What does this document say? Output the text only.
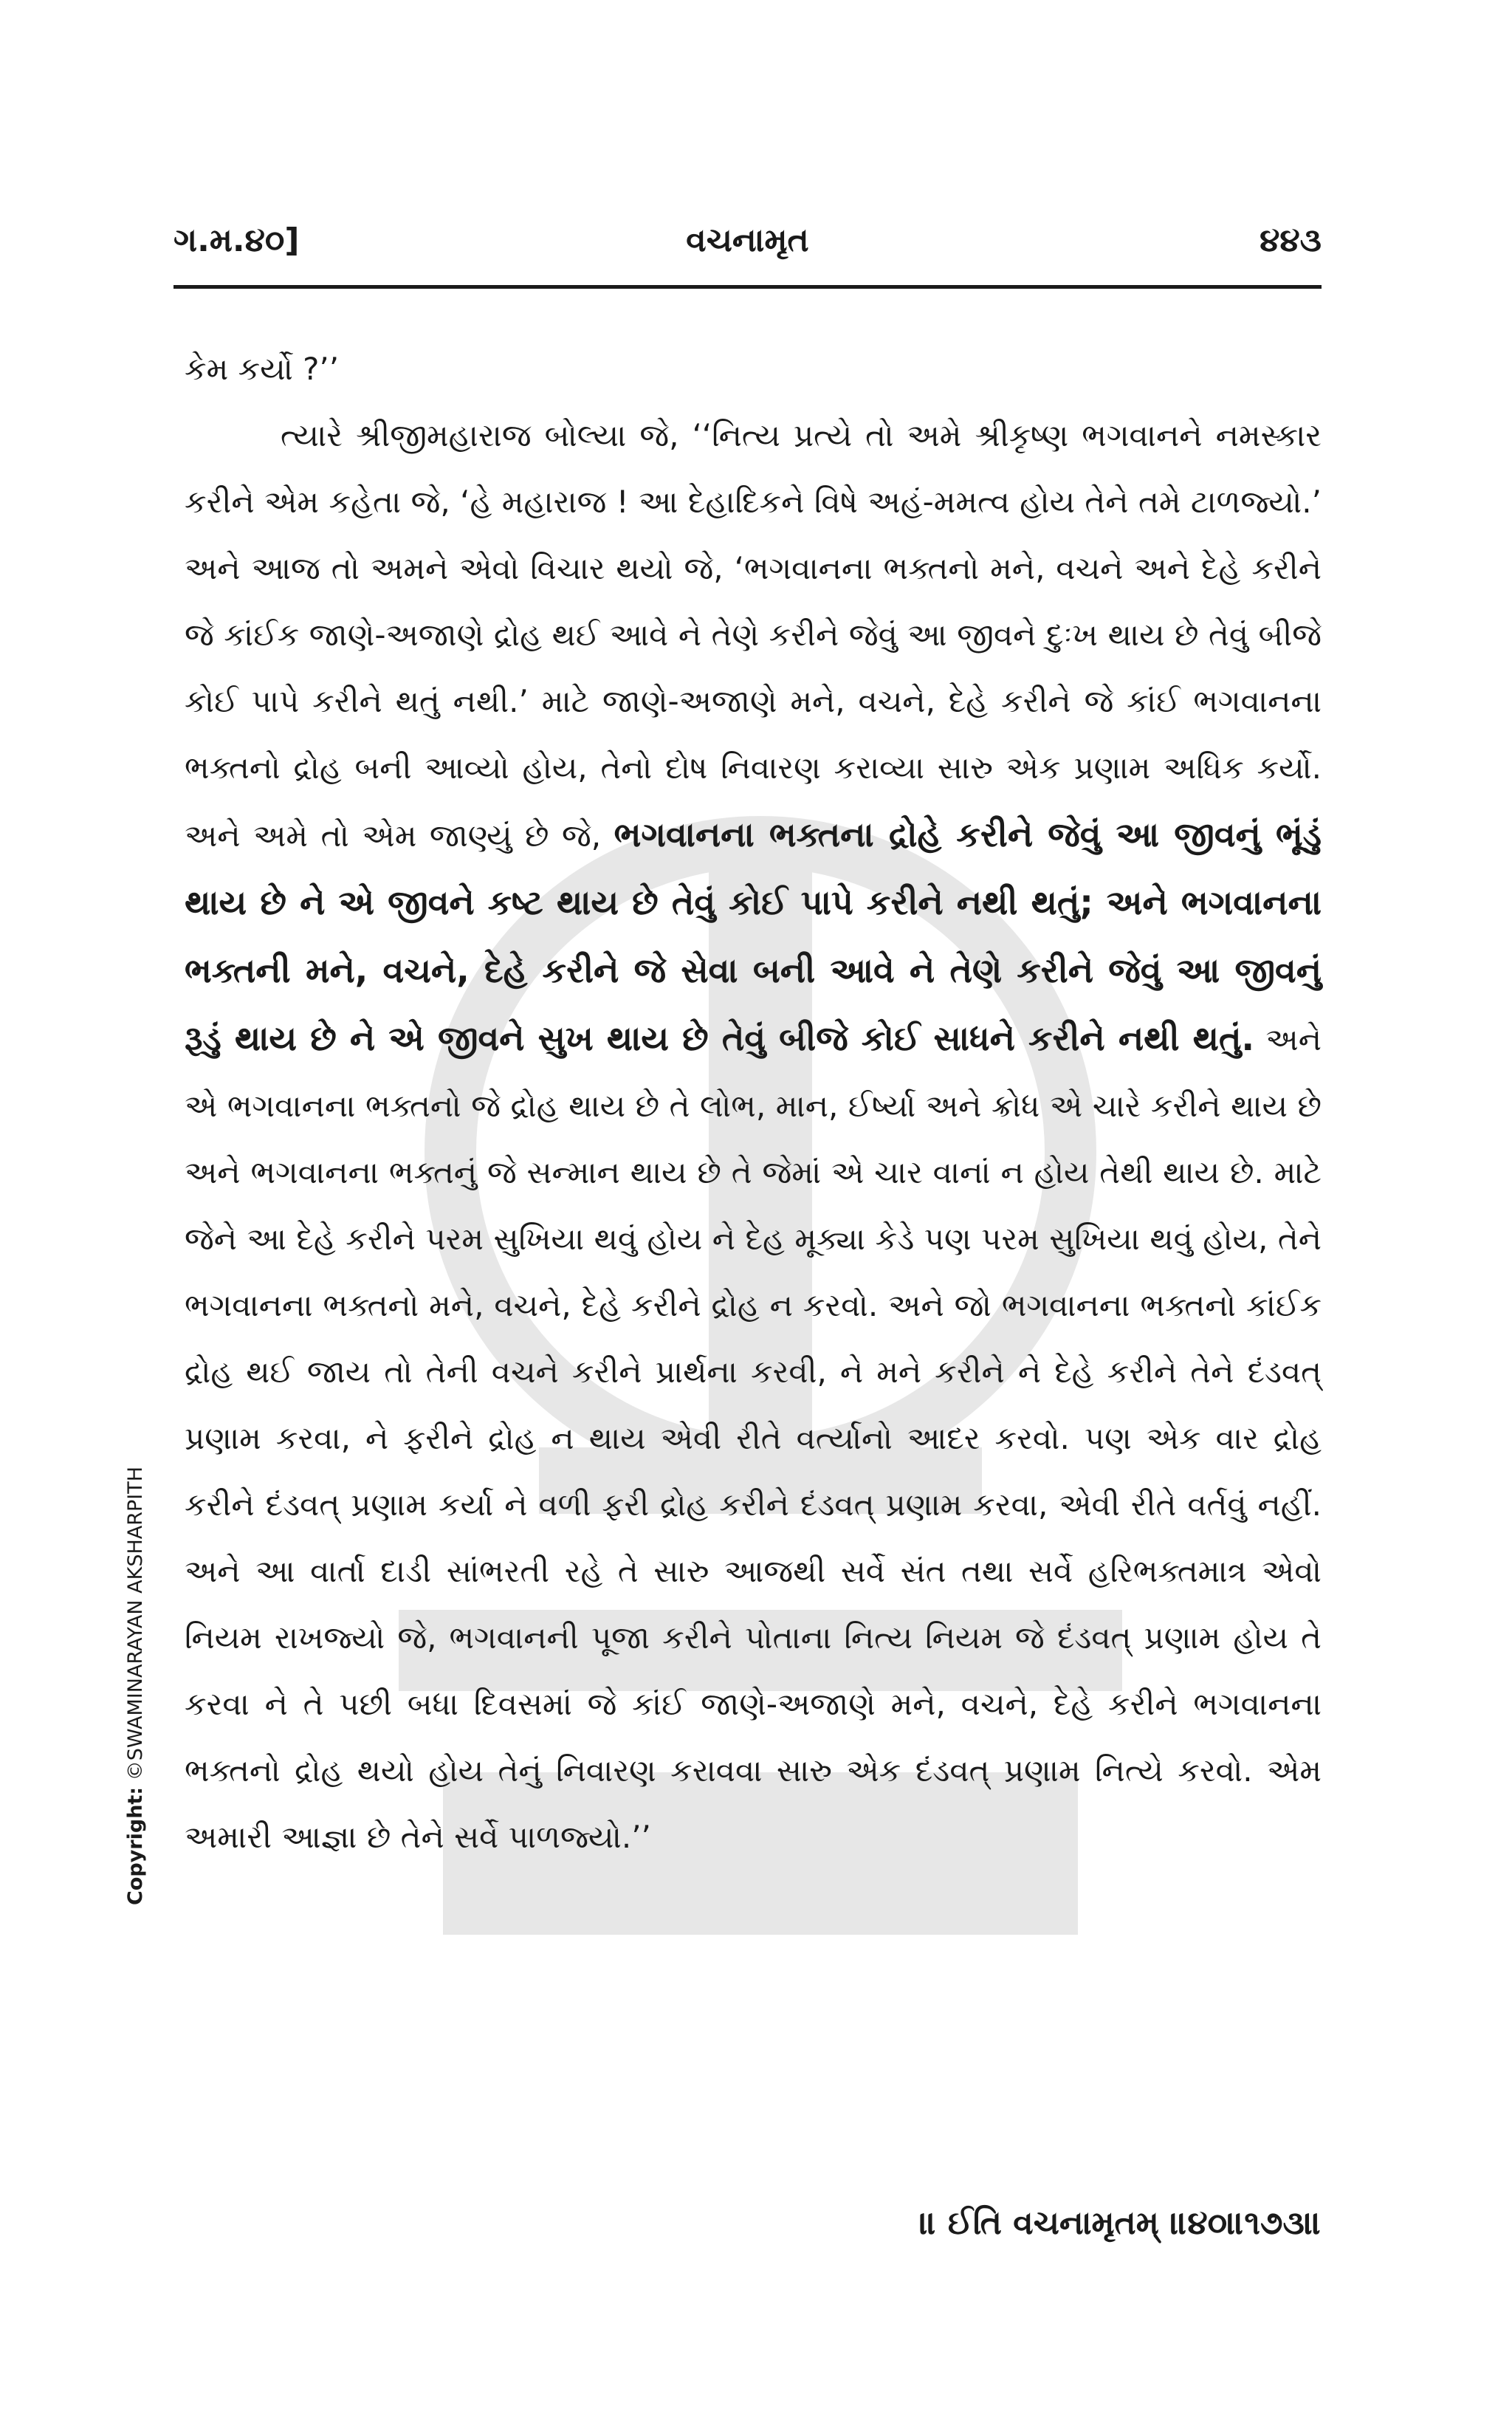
ગ.મ.૪૦]	વચનામૃત	૪૪૩

કેમ કર્યો ?’’

ત્યારે શ્રીજીમહારાજ બોલ્યા જે, ‘‘નિત્ય પ્રત્યે તો અમે શ્રીકૃષ્ણ ભગવાનને નમસ્કાર કરીને એમ કહેતા જે, ‘હે મહારાજ ! આ દેહાદિકને વિષે અહં-મમત્વ હોય તેને તમે ટાળજ્યો.’ અને આજ તો અમને એવો વિચાર થયો જે, ‘ભગવાનના ભક્તનો મને, વચને અને દેહે કરીને જે કાંઈક જાણે-અજાણે દ્રોહ થઈ આવે ને તેણે કરીને જેવું આ જીવને દુઃખ થાય છે તેવું બીજે કોઈ પાપે કરીને થતું નથી.’ માટે જાણે-અજાણે મને, વચને, દેહે કરીને જે કાંઈ ભગવાનના ભક્તનો દ્રોહ બની આવ્યો હોય, તેનો દોષ નિવારણ કરાવ્યા સારુ એક પ્રણામ અધિક કર્યો. અને અમે તો એમ જાણ્યું છે જે, ભગવાનના ભક્તના દ્રોહે કરીને જેવું આ જીવનું ભૂંડું થાય છે ને એ જીવને કષ્ટ થાય છે તેવું કોઈ પાપે કરીને નથી થતું; અને ભગવાનના ભક્તની મને, વચને, દેહે કરીને જે સેવા બની આવે ને તેણે કરીને જેવું આ જીવનું રૂડું થાય છે ને એ જીવને સુખ થાય છે તેવું બીજે કોઈ સાધને કરીને નથી થતું. અને એ ભગવાનના ભક્તનો જે દ્રોહ થાય છે તે લોભ, માન, ઈર્ષ્યા અને ક્રોધ એ ચારે કરીને થાય છે અને ભગવાનના ભક્તનું જે સન્માન થાય છે તે જેમાં એ ચાર વાનાં ન હોય તેથી થાય છે. માટે જેને આ દેહે કરીને પરમ સુખિયા થવું હોય ને દેહ મૂક્યા કેડે પણ પરમ સુખિયા થવું હોય, તેને ભગવાનના ભક્તનો મને, વચને, દેહે કરીને દ્રોહ ન કરવો. અને જો ભગવાનના ભક્તનો કાંઈક દ્રોહ થઈ જાય તો તેની વચને કરીને પ્રાર્થના કરવી, ને મને કરીને ને દેહે કરીને તેને દંડવત્ પ્રણામ કરવા, ને ફરીને દ્રોહ ન થાય એવી રીતે વર્ત્યાનો આદર કરવો. પણ એક વાર દ્રોહ કરીને દંડવત્ પ્રણામ કર્યા ને વળી ફરી દ્રોહ કરીને દંડવત્ પ્રણામ કરવા, એવી રીતે વર્તવું નહીં. અને આ વાર્તા દાડી સાંભરતી રહે તે સારુ આજથી સર્વે સંત તથા સર્વે હરિભક્તમાત્ર એવો નિયમ રાખજ્યો જે, ભગવાનની પૂજા કરીને પોતાના નિત્ય નિયમ જે દંડવત્ પ્રણામ હોય તે કરવા ને તે પછી બધા દિવસમાં જે કાંઈ જાણે-અજાણે મને, વચને, દેહે કરીને ભગવાનના ભક્તનો દ્રોહ થયો હોય તેનું નિવારણ કરાવવા સારુ એક દંડવત્ પ્રણામ નિત્યે કરવો. એમ અમારી આજ્ઞા છે તેને સર્વે પાળજ્યો.’’

॥ ઈતિ વચનામૃતમ્ ॥૪૦॥૧૭૩॥
Copyright: ©SWAMINARAYAN AKSHARPITH
